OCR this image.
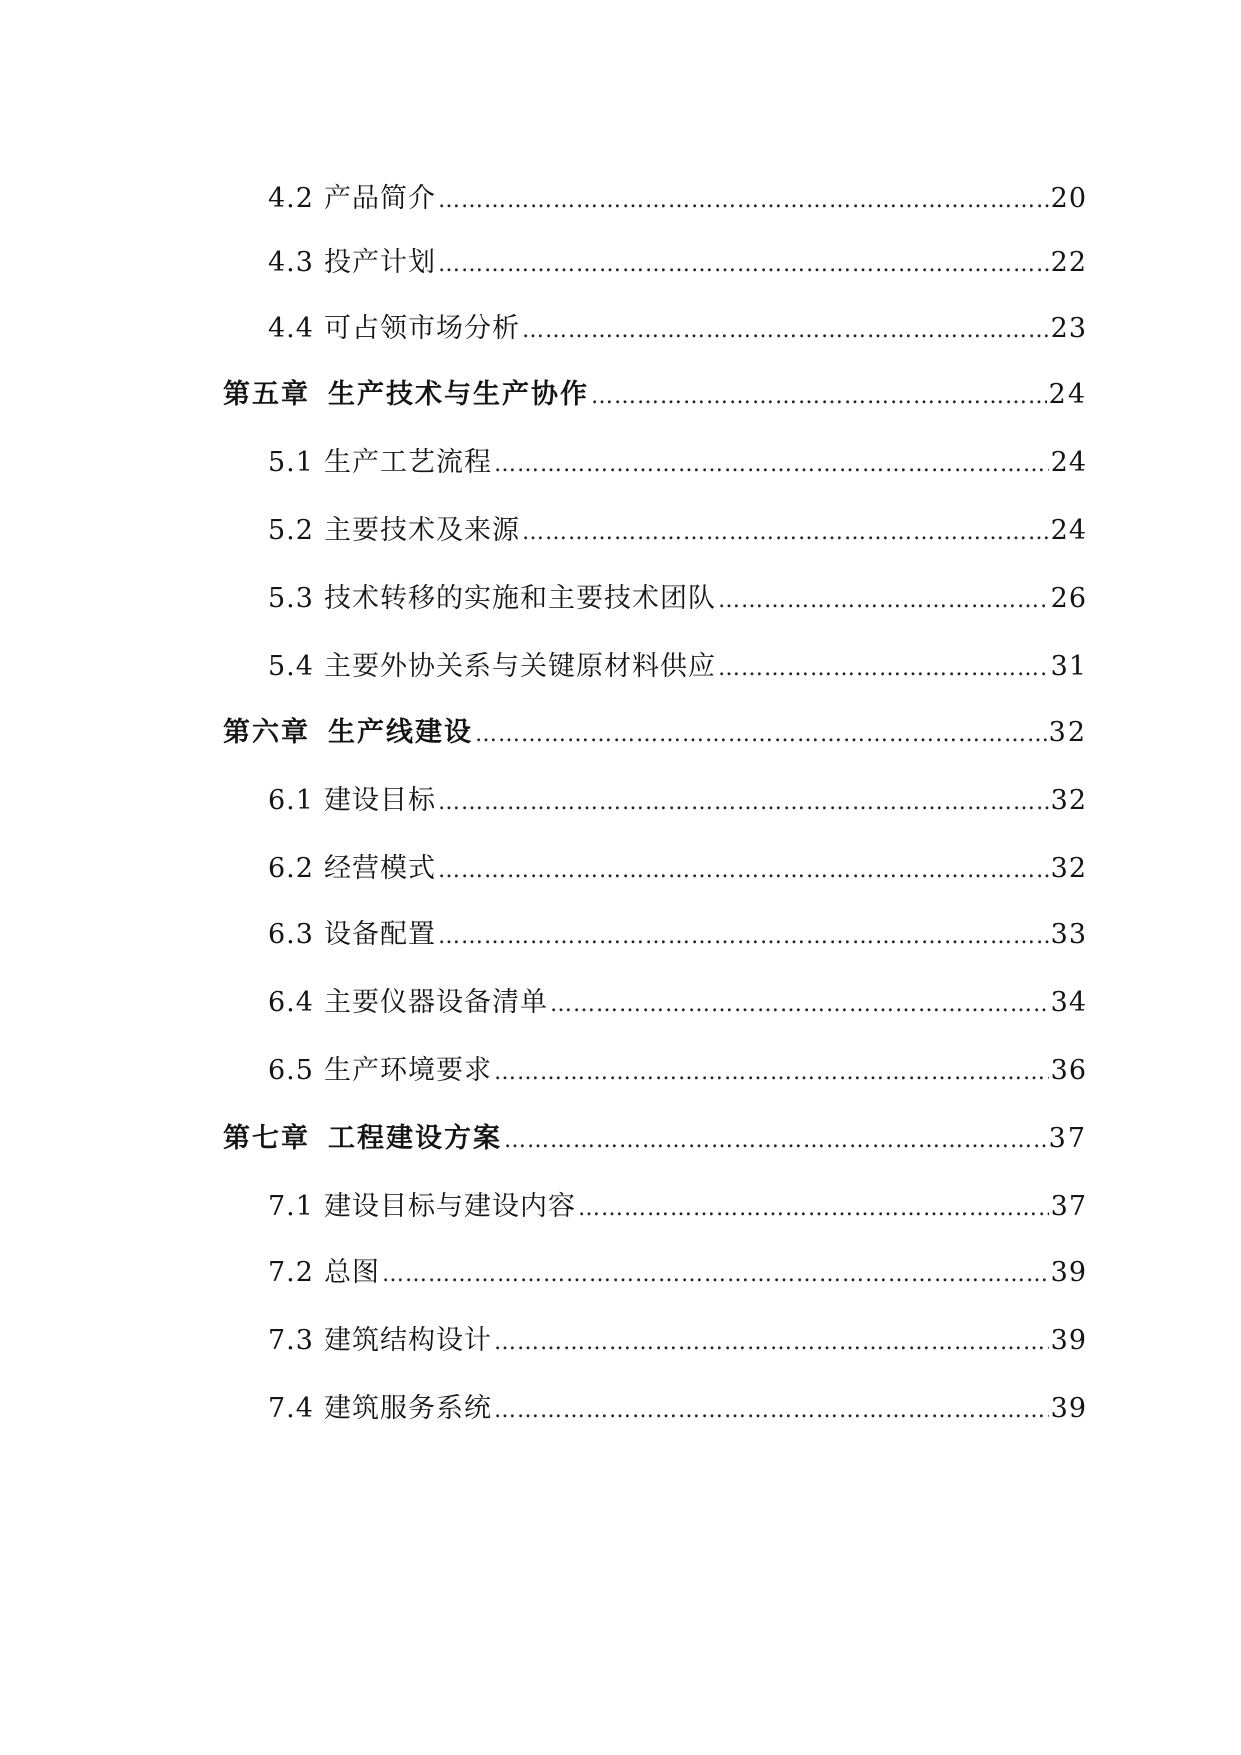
4.2 产品简介 ………………………………………………………………………………………………………………………………………………………………	20
4.3 投产计划 ………………………………………………………………………………………………………………………………………………………………	22
4.4 可占领市场分析 ………………………………………………………………………………………………………………………………………………………………	23
第五章 生产技术与生产协作 ………………………………………………………………………………………………………………………………………………………………	24
5.1 生产工艺流程 ………………………………………………………………………………………………………………………………………………………………	24
5.2 主要技术及来源 ………………………………………………………………………………………………………………………………………………………………	24
5.3 技术转移的实施和主要技术团队 ………………………………………………………………………………………………………………………………………………………………	26
5.4 主要外协关系与关键原材料供应 ………………………………………………………………………………………………………………………………………………………………	31
第六章 生产线建设 ………………………………………………………………………………………………………………………………………………………………	32
6.1 建设目标 ………………………………………………………………………………………………………………………………………………………………	32
6.2 经营模式 ………………………………………………………………………………………………………………………………………………………………	32
6.3 设备配置 ………………………………………………………………………………………………………………………………………………………………	33
6.4 主要仪器设备清单 ………………………………………………………………………………………………………………………………………………………………	34
6.5 生产环境要求 ………………………………………………………………………………………………………………………………………………………………	36
第七章 工程建设方案 ………………………………………………………………………………………………………………………………………………………………	37
7.1 建设目标与建设内容 ………………………………………………………………………………………………………………………………………………………………	37
7.2 总图 ………………………………………………………………………………………………………………………………………………………………	39
7.3 建筑结构设计 ………………………………………………………………………………………………………………………………………………………………	39
7.4 建筑服务系统 ………………………………………………………………………………………………………………………………………………………………	39
